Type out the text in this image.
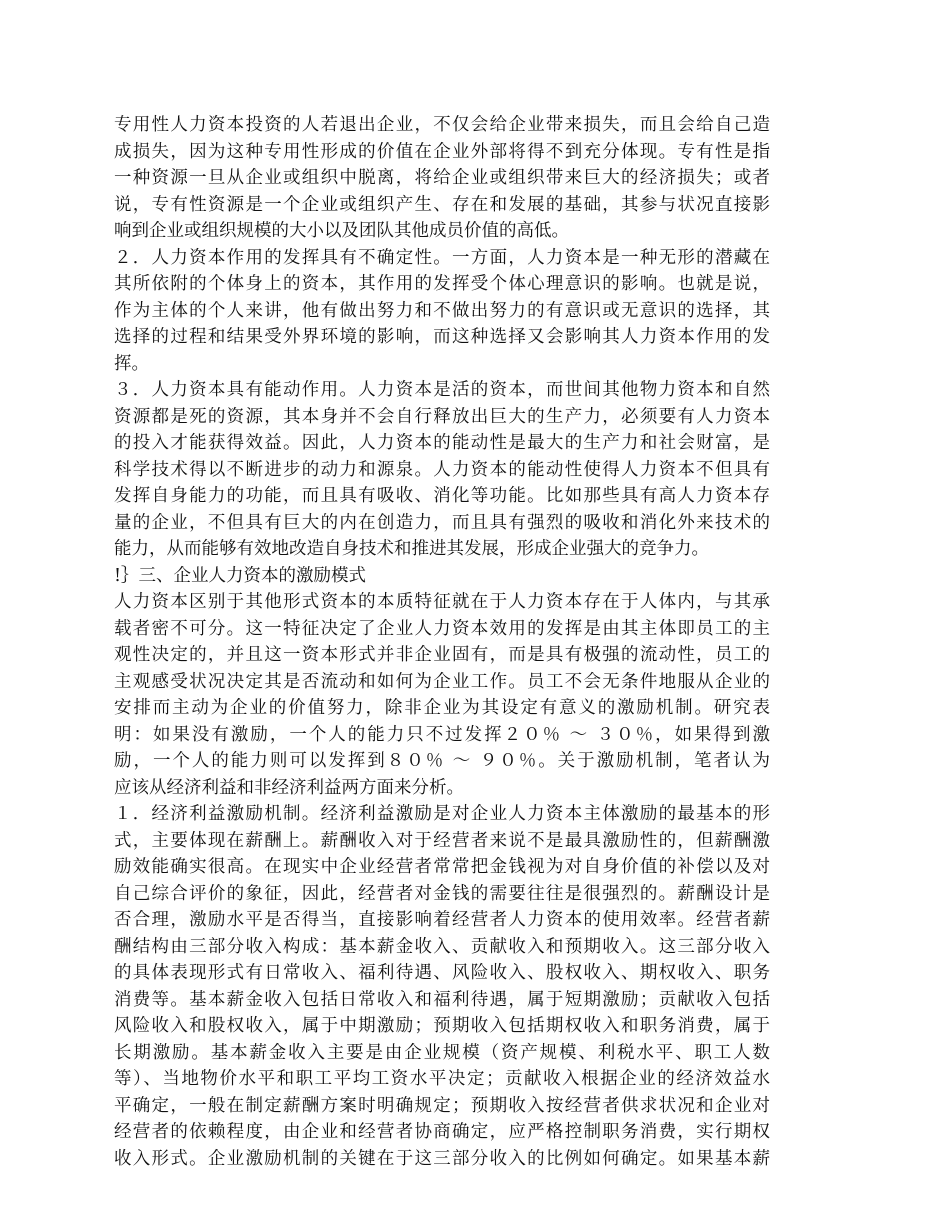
专用性人力资本投资的人若退出企业，不仅会给企业带来损失，而且会给自己造
成损失，因为这种专用性形成的价值在企业外部将得不到充分体现。专有性是指
一种资源一旦从企业或组织中脱离，将给企业或组织带来巨大的经济损失；或者
说，专有性资源是一个企业或组织产生、存在和发展的基础，其参与状况直接影
响到企业或组织规模的大小以及团队其他成员价值的高低。
２．人力资本作用的发挥具有不确定性。一方面，人力资本是一种无形的潜藏在
其所依附的个体身上的资本，其作用的发挥受个体心理意识的影响。也就是说，
作为主体的个人来讲，他有做出努力和不做出努力的有意识或无意识的选择，其
选择的过程和结果受外界环境的影响，而这种选择又会影响其人力资本作用的发
挥。
３．人力资本具有能动作用。人力资本是活的资本，而世间其他物力资本和自然
资源都是死的资源，其本身并不会自行释放出巨大的生产力，必须要有人力资本
的投入才能获得效益。因此，人力资本的能动性是最大的生产力和社会财富，是
科学技术得以不断进步的动力和源泉。人力资本的能动性使得人力资本不但具有
发挥自身能力的功能，而且具有吸收、消化等功能。比如那些具有高人力资本存
量的企业，不但具有巨大的内在创造力，而且具有强烈的吸收和消化外来技术的
能力，从而能够有效地改造自身技术和推进其发展，形成企业强大的竞争力。
!｝三、企业人力资本的激励模式
人力资本区别于其他形式资本的本质特征就在于人力资本存在于人体内，与其承
载者密不可分。这一特征决定了企业人力资本效用的发挥是由其主体即员工的主
观性决定的，并且这一资本形式并非企业固有，而是具有极强的流动性，员工的
主观感受状况决定其是否流动和如何为企业工作。员工不会无条件地服从企业的
安排而主动为企业的价值努力，除非企业为其设定有意义的激励机制。研究表
明：如果没有激励，一个人的能力只不过发挥２０％ ～ ３０％，如果得到激
励，一个人的能力则可以发挥到８０％ ～ ９０％。关于激励机制，笔者认为
应该从经济利益和非经济利益两方面来分析。
１．经济利益激励机制。经济利益激励是对企业人力资本主体激励的最基本的形
式，主要体现在薪酬上。薪酬收入对于经营者来说不是最具激励性的，但薪酬激
励效能确实很高。在现实中企业经营者常常把金钱视为对自身价值的补偿以及对
自己综合评价的象征，因此，经营者对金钱的需要往往是很强烈的。薪酬设计是
否合理，激励水平是否得当，直接影响着经营者人力资本的使用效率。经营者薪
酬结构由三部分收入构成：基本薪金收入、贡献收入和预期收入。这三部分收入
的具体表现形式有日常收入、福利待遇、风险收入、股权收入、期权收入、职务
消费等。基本薪金收入包括日常收入和福利待遇，属于短期激励；贡献收入包括
风险收入和股权收入，属于中期激励；预期收入包括期权收入和职务消费，属于
长期激励。基本薪金收入主要是由企业规模（资产规模、利税水平、职工人数
等）、当地物价水平和职工平均工资水平决定；贡献收入根据企业的经济效益水
平确定，一般在制定薪酬方案时明确规定；预期收入按经营者供求状况和企业对
经营者的依赖程度，由企业和经营者协商确定，应严格控制职务消费，实行期权
收入形式。企业激励机制的关键在于这三部分收入的比例如何确定。如果基本薪
